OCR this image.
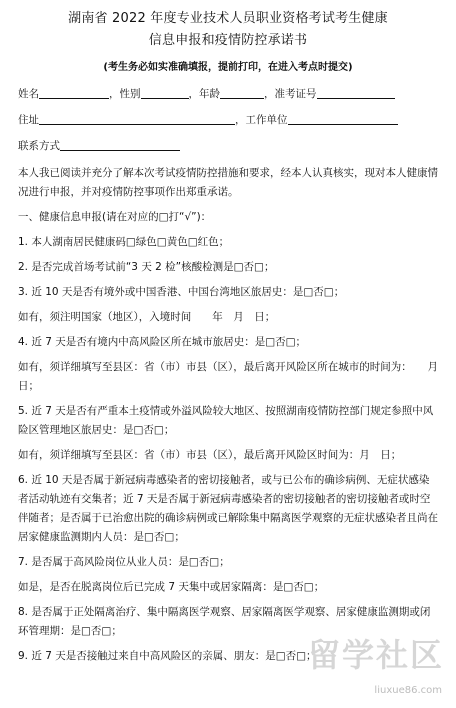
湖南省 2022 年度专业技术人员职业资格考试考生健康
信息申报和疫情防控承诺书
(考生务必如实准确填报，提前打印，在进入考点时提交)
姓名	，性别	，年龄	，准考证号
住址	，工作单位
联系方式
本人我已阅读并充分了解本次考试疫情防控措施和要求，经本人认真核实，现对本人健康情况进行申报，并对疫情防控事项作出郑重承诺。
一、健康信息申报(请在对应的□打“√”)：
1. 本人湖南居民健康码□绿色□黄色□红色；
2. 是否完成首场考试前“3 天 2 检”核酸检测是□否□；
3. 近 10 天是否有境外或中国香港、中国台湾地区旅居史：是□否□；
如有，须注明国家（地区），入境时间　　年　月　日；
4. 近 7 天是否有境内中高风险区所在城市旅居史：是□否□；
如有，须详细填写至县区：省（市）市县（区），最后离开风险区所在城市的时间为：　　月　日；
5. 近 7 天是否有严重本土疫情或外溢风险较大地区、按照湖南疫情防控部门规定参照中风险区管理地区旅居史：是□否□；
如有，须详细填写至县区：省（市）市县（区），最后离开风险区时间为：月　日；
6. 近 10 天是否属于新冠病毒感染者的密切接触者，或与已公布的确诊病例、无症状感染者活动轨迹有交集者；近 7 天是否属于新冠病毒感染者的密切接触者的密切接触者或时空伴随者；是否属于已治愈出院的确诊病例或已解除集中隔离医学观察的无症状感染者且尚在居家健康监测期内人员：是□否□；
7. 是否属于高风险岗位从业人员：是□否□；
如是，是否在脱离岗位后已完成 7 天集中或居家隔离：是□否□；
8. 是否属于正处隔离治疗、集中隔离医学观察、居家隔离医学观察、居家健康监测期或闭环管理期：是□否□；
9. 近 7 天是否接触过来自中高风险区的亲属、朋友：是□否□；
留学社区
liuxue86.com
